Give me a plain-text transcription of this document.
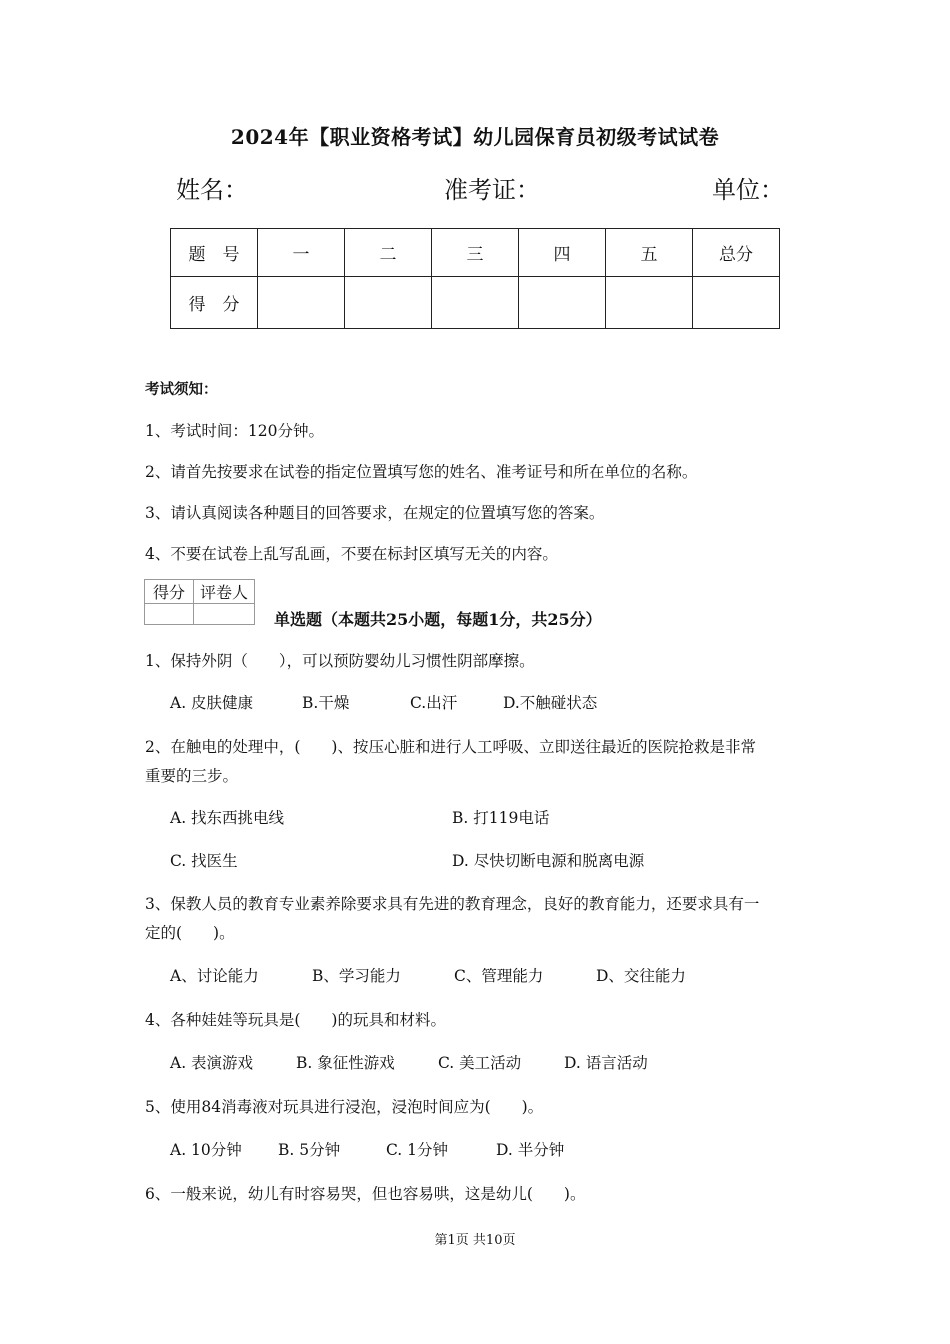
2024年【职业资格考试】幼儿园保育员初级考试试卷
姓名：	准考证：	单位：
题　号	一	二	三	四	五	总分
得　分						
考试须知：
1、考试时间：120分钟。
2、请首先按要求在试卷的指定位置填写您的姓名、准考证号和所在单位的名称。
3、请认真阅读各种题目的回答要求，在规定的位置填写您的答案。
4、不要在试卷上乱写乱画，不要在标封区填写无关的内容。
得分	评卷人

单选题（本题共25小题，每题1分，共25分）
1、保持外阴（　　），可以预防婴幼儿习惯性阴部摩擦。
A. 皮肤健康	B.干燥	C.出汗	D.不触碰状态
2、在触电的处理中，(　　)、按压心脏和进行人工呼吸、立即送往最近的医院抢救是非常
重要的三步。
A. 找东西挑电线	B. 打119电话
C. 找医生	D. 尽快切断电源和脱离电源
3、保教人员的教育专业素养除要求具有先进的教育理念，良好的教育能力，还要求具有一
定的(　　)。
A、讨论能力	B、学习能力	C、管理能力	D、交往能力
4、各种娃娃等玩具是(　　)的玩具和材料。
A. 表演游戏	B. 象征性游戏	C. 美工活动	D. 语言活动
5、使用84消毒液对玩具进行浸泡，浸泡时间应为(　　)。
A. 10分钟 B. 5分钟	C. 1分钟	D. 半分钟
6、一般来说，幼儿有时容易哭，但也容易哄，这是幼儿(　　)。
第1页 共10页
